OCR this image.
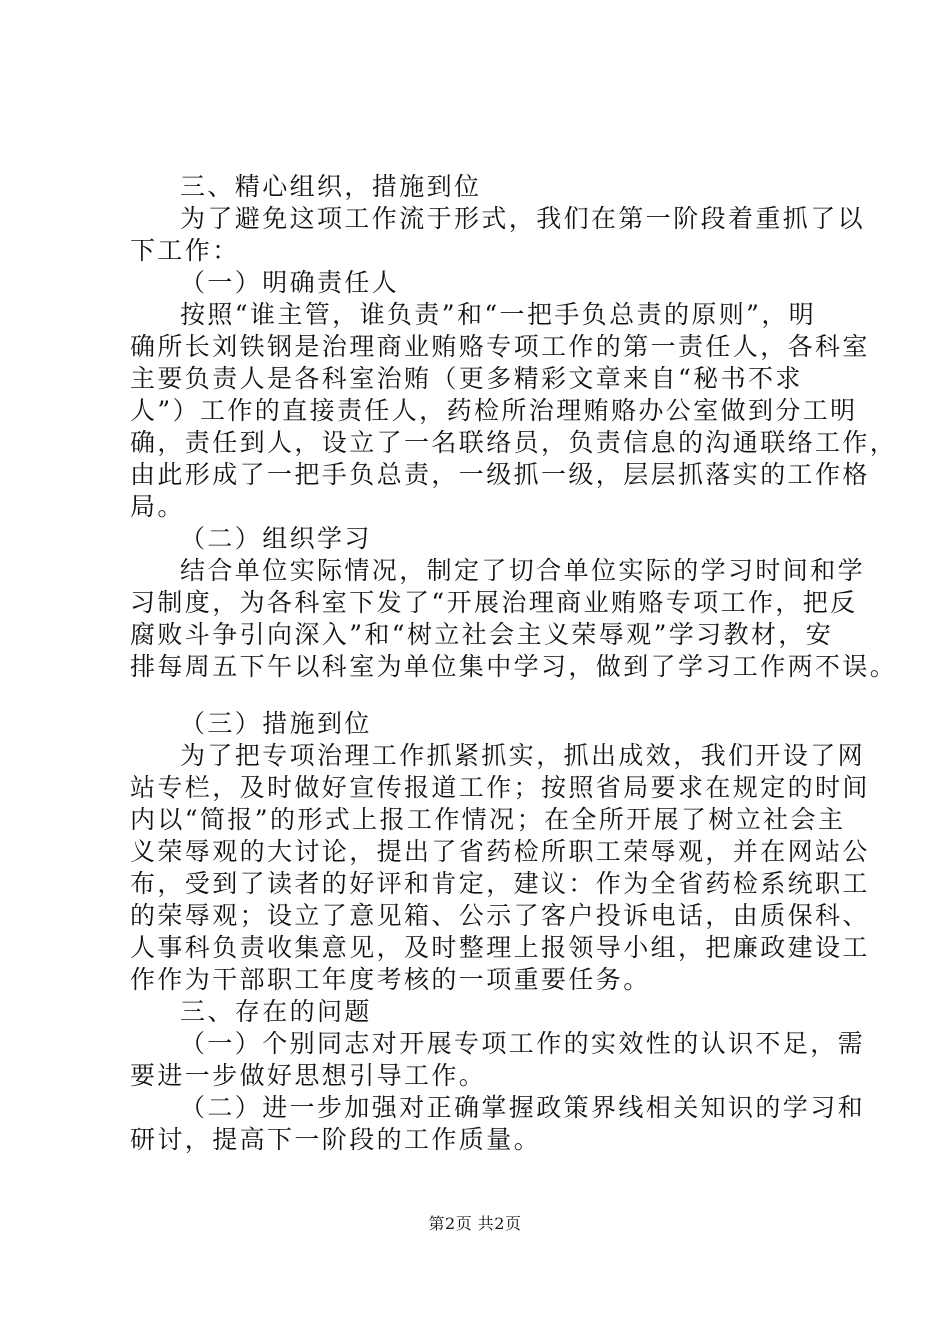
三、精心组织，措施到位
为了避免这项工作流于形式，我们在第一阶段着重抓了以
下工作：
（一）明确责任人
按照“谁主管，谁负责”和“一把手负总责的原则”，明
确所长刘铁钢是治理商业贿赂专项工作的第一责任人，各科室
主要负责人是各科室治贿（更多精彩文章来自“秘书不求
人”）工作的直接责任人，药检所治理贿赂办公室做到分工明
确，责任到人，设立了一名联络员，负责信息的沟通联络工作，
由此形成了一把手负总责，一级抓一级，层层抓落实的工作格
局。
（二）组织学习
结合单位实际情况，制定了切合单位实际的学习时间和学
习制度，为各科室下发了“开展治理商业贿赂专项工作，把反
腐败斗争引向深入”和“树立社会主义荣辱观”学习教材，安
排每周五下午以科室为单位集中学习，做到了学习工作两不误。
（三）措施到位
为了把专项治理工作抓紧抓实，抓出成效，我们开设了网
站专栏，及时做好宣传报道工作；按照省局要求在规定的时间
内以“简报”的形式上报工作情况；在全所开展了树立社会主
义荣辱观的大讨论，提出了省药检所职工荣辱观，并在网站公
布，受到了读者的好评和肯定，建议：作为全省药检系统职工
的荣辱观；设立了意见箱、公示了客户投诉电话，由质保科、
人事科负责收集意见，及时整理上报领导小组，把廉政建设工
作作为干部职工年度考核的一项重要任务。
三、存在的问题
（一）个别同志对开展专项工作的实效性的认识不足，需
要进一步做好思想引导工作。
（二）进一步加强对正确掌握政策界线相关知识的学习和
研讨，提高下一阶段的工作质量。
第2页 共2页
